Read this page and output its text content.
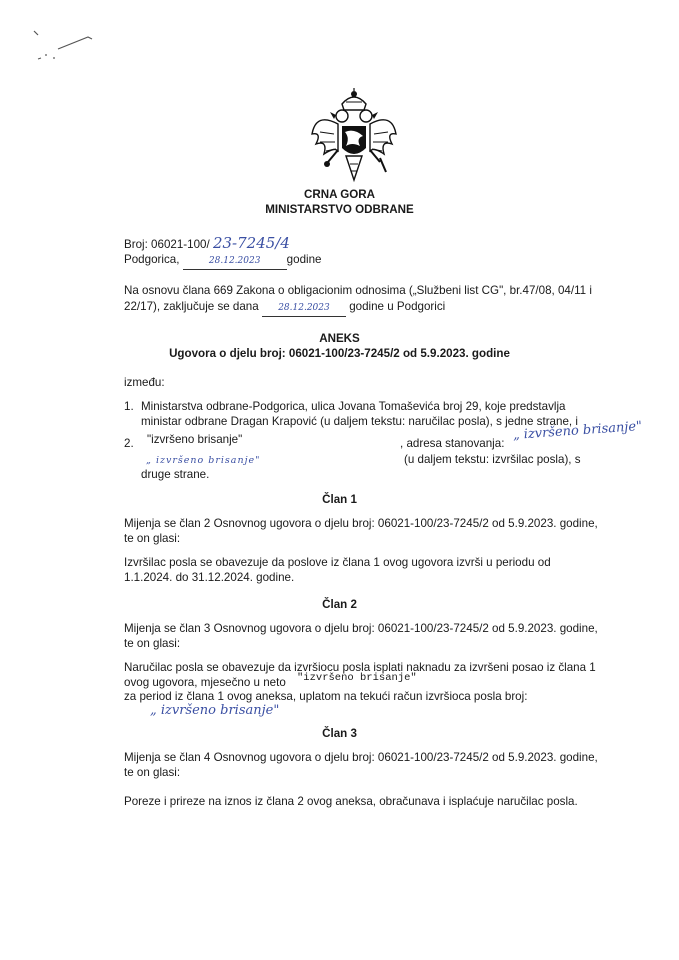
CRNA GORA
MINISTARSTVO ODBRANE
Broj: 06021-100/ 23-7245/4
Podgorica,	28.12.2023 godine
Na osnovu člana 669 Zakona o obligacionim odnosima („Službeni list CG", br.47/08, 04/11 i
22/17), zaključuje se dana 28.12.2023 godine u Podgorici
ANEKS
Ugovora o djelu broj: 06021-100/23-7245/2 od 5.9.2023. godine
između:
1. Ministarstva odbrane-Podgorica, ulica Jovana Tomaševića broj 29, koje predstavlja
ministar odbrane Dragan Krapović (u daljem tekstu: naručilac posla), s jedne strane, i
2. "izvršeno brisanje"	, adresa stanovanja:
„ izvršeno brisanje"
„ izvršeno brisanje"	(u daljem tekstu: izvršilac posla), s
druge strane.
Član 1
Mijenja se član 2 Osnovnog ugovora o djelu broj: 06021-100/23-7245/2 od 5.9.2023. godine,
te on glasi:
Izvršilac posla se obavezuje da poslove iz člana 1 ovog ugovora izvrši u periodu od
1.1.2024. do 31.12.2024. godine.
Član 2
Mijenja se član 3 Osnovnog ugovora o djelu broj: 06021-100/23-7245/2 od 5.9.2023. godine,
te on glasi:
Naručilac posla se obavezuje da izvršiocu posla isplati naknadu za izvršeni posao iz člana 1
ovog ugovora, mjesečno u neto "izvršeno brisanje"
za period iz člana 1 ovog aneksa, uplatom na tekući račun izvršioca posla broj:
„ izvršeno brisanje"
Član 3
Mijenja se član 4 Osnovnog ugovora o djelu broj: 06021-100/23-7245/2 od 5.9.2023. godine,
te on glasi:
Poreze i prireze na iznos iz člana 2 ovog aneksa, obračunava i isplaćuje naručilac posla.
